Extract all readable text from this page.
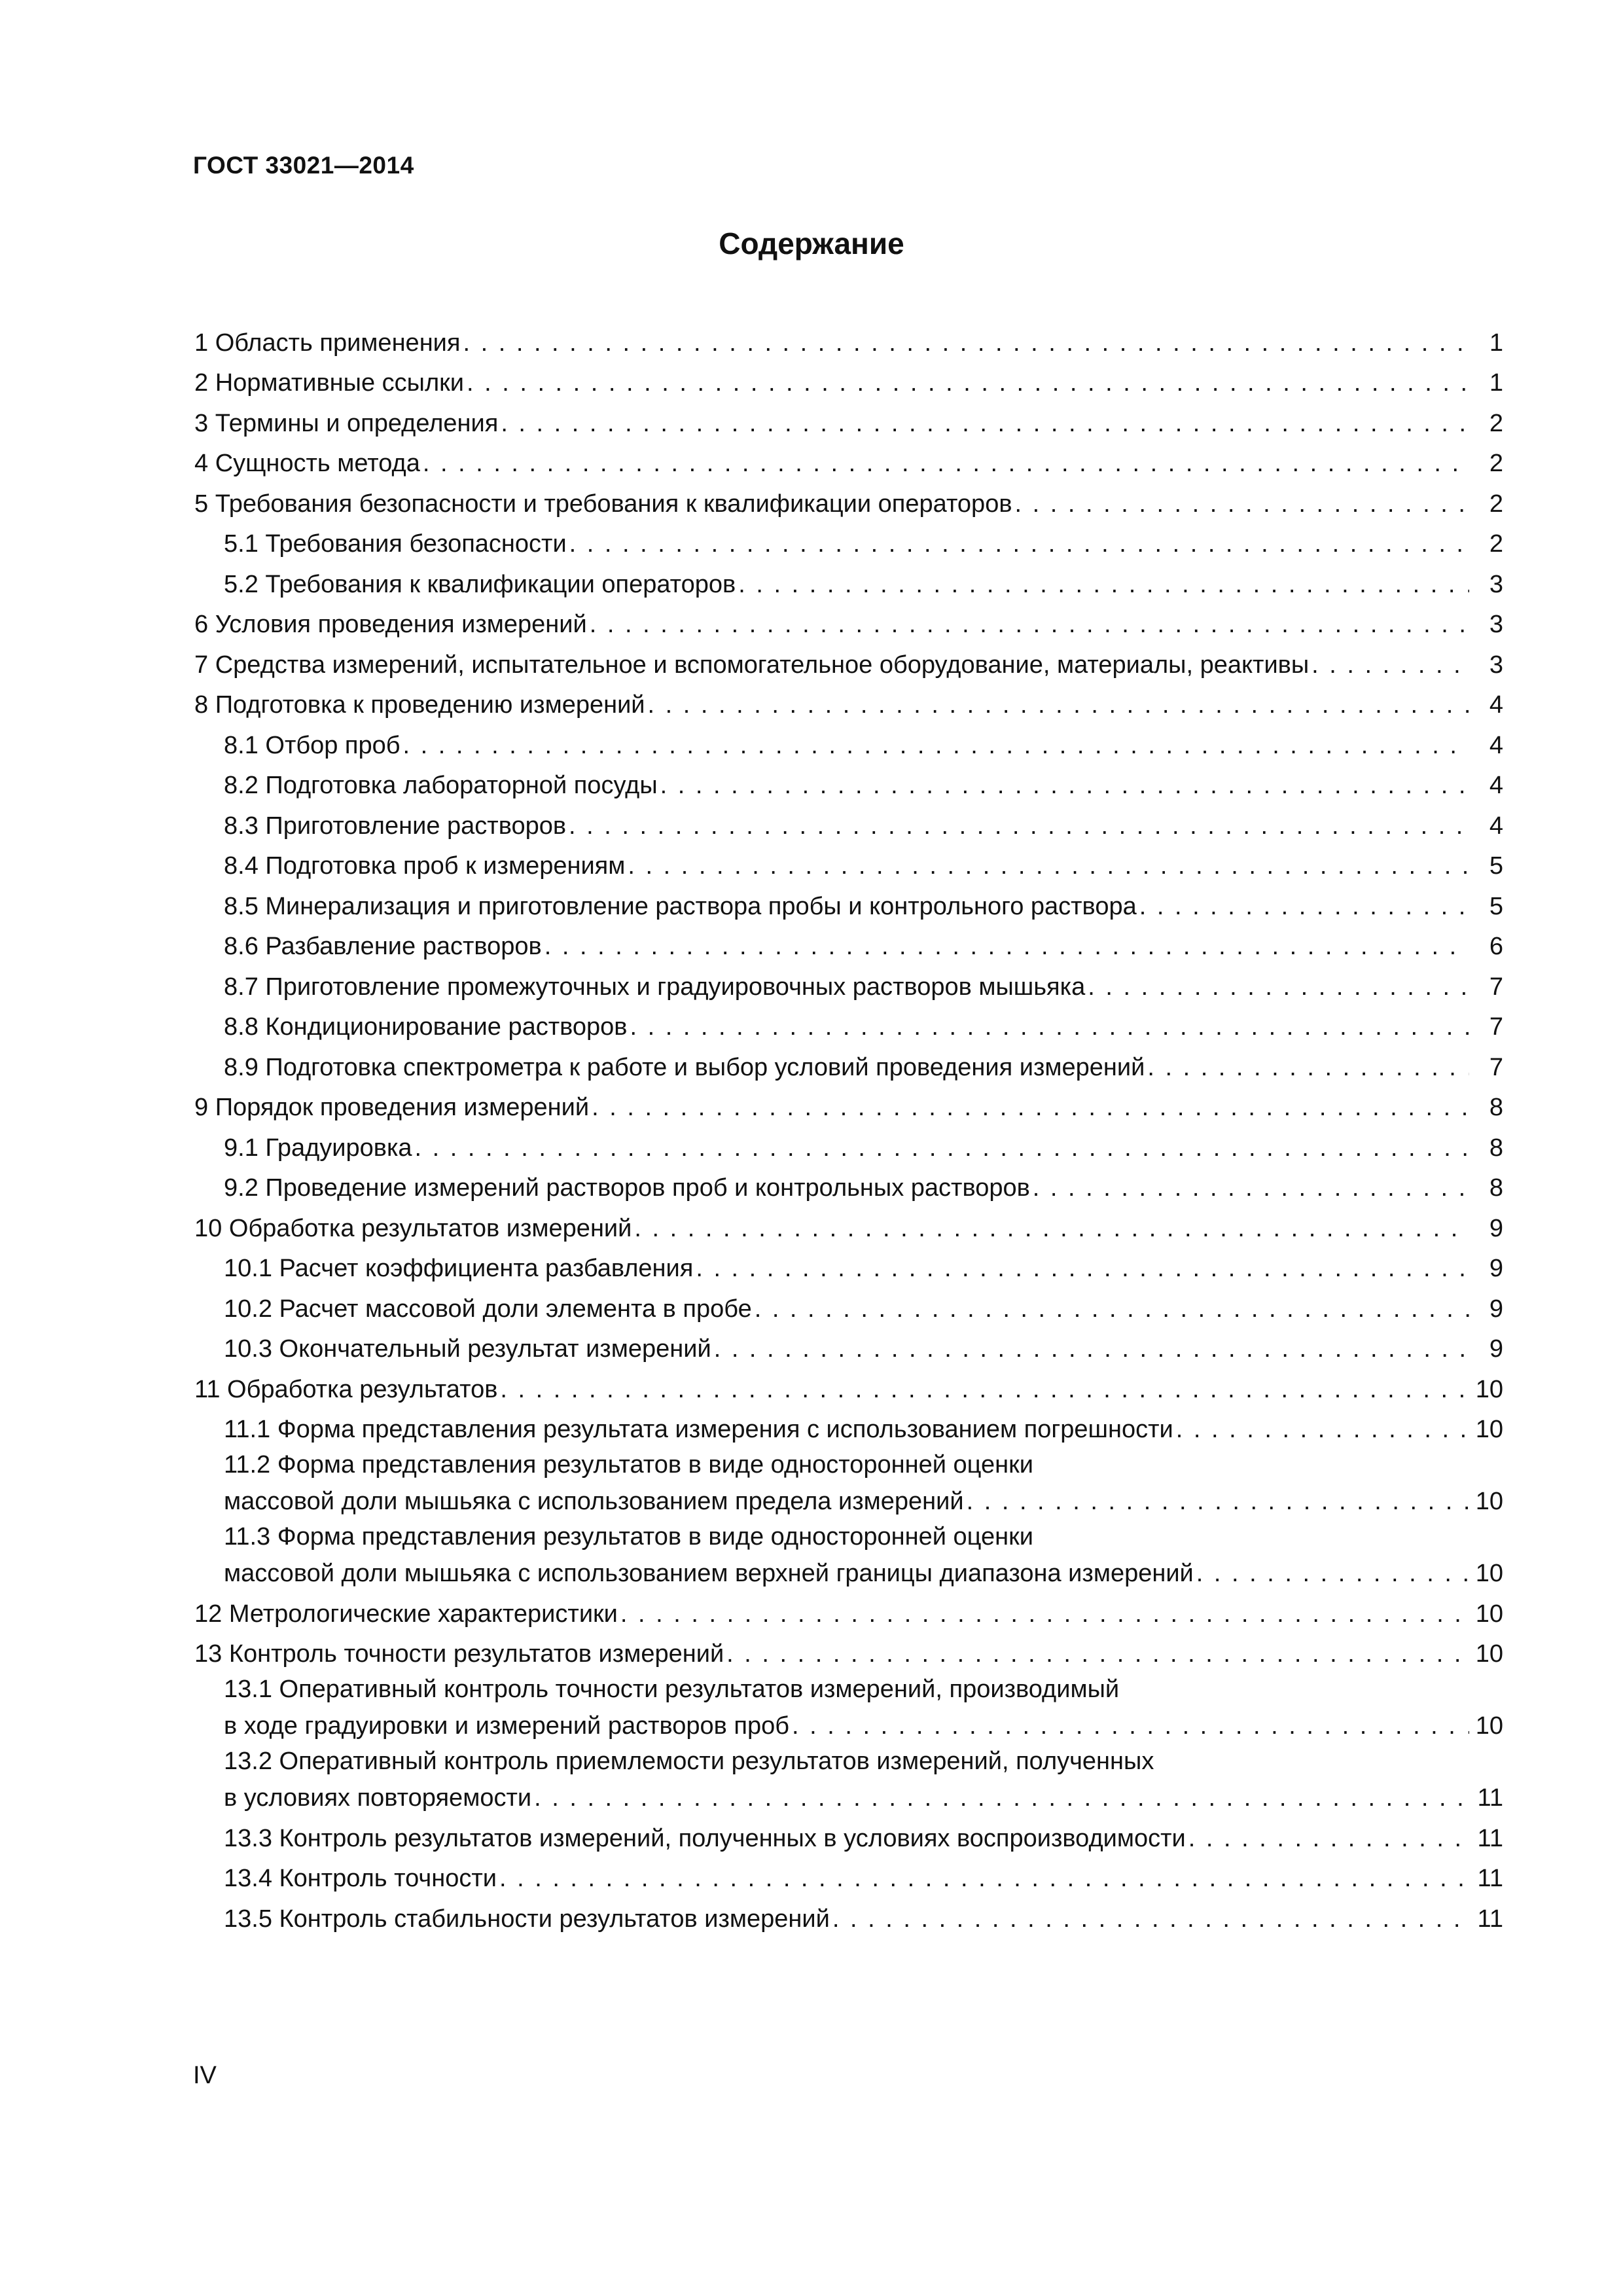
ГОСТ 33021—2014
Содержание
1 Область применения . . .	1
2 Нормативные ссылки . . .	1
3 Термины и определения . . .	2
4 Сущность метода . . .	2
5 Требования безопасности и требования к квалификации операторов . . .	2
5.1 Требования безопасности . . .	2
5.2 Требования к квалификации операторов . . .	3
6 Условия проведения измерений . . .	3
7 Средства измерений, испытательное и вспомогательное оборудование, материалы, реактивы . . .	3
8 Подготовка к проведению измерений . . .	4
8.1 Отбор проб . . .	4
8.2 Подготовка лабораторной посуды . . .	4
8.3 Приготовление растворов . . .	4
8.4 Подготовка проб к измерениям . . .	5
8.5 Минерализация и приготовление раствора пробы и контрольного раствора . . .	5
8.6 Разбавление растворов . . .	6
8.7 Приготовление промежуточных и градуировочных растворов мышьяка . . .	7
8.8 Кондиционирование растворов . . .	7
8.9 Подготовка спектрометра к работе и выбор условий проведения измерений . . .	7
9 Порядок проведения измерений . . .	8
9.1 Градуировка . . .	8
9.2 Проведение измерений растворов проб и контрольных растворов . . .	8
10 Обработка результатов измерений . . .	9
10.1 Расчет коэффициента разбавления . . .	9
10.2 Расчет массовой доли элемента в пробе . . .	9
10.3 Окончательный результат измерений . . .	9
11 Обработка результатов . . .	10
11.1 Форма представления результата измерения с использованием погрешности . . .	10
11.2 Форма представления результатов в виде односторонней оценки
массовой доли мышьяка с использованием предела измерений . . .	10
11.3 Форма представления результатов в виде односторонней оценки
массовой доли мышьяка с использованием верхней границы диапазона измерений . . .	10
12 Метрологические характеристики . . .	10
13 Контроль точности результатов измерений . . .	10
13.1 Оперативный контроль точности результатов измерений, производимый
в ходе градуировки и измерений растворов проб . . .	10
13.2 Оперативный контроль приемлемости результатов измерений, полученных
в условиях повторяемости . . .	11
13.3 Контроль результатов измерений, полученных в условиях воспроизводимости . . .	11
13.4 Контроль точности . . .	11
13.5 Контроль стабильности результатов измерений . . .	11
IV
